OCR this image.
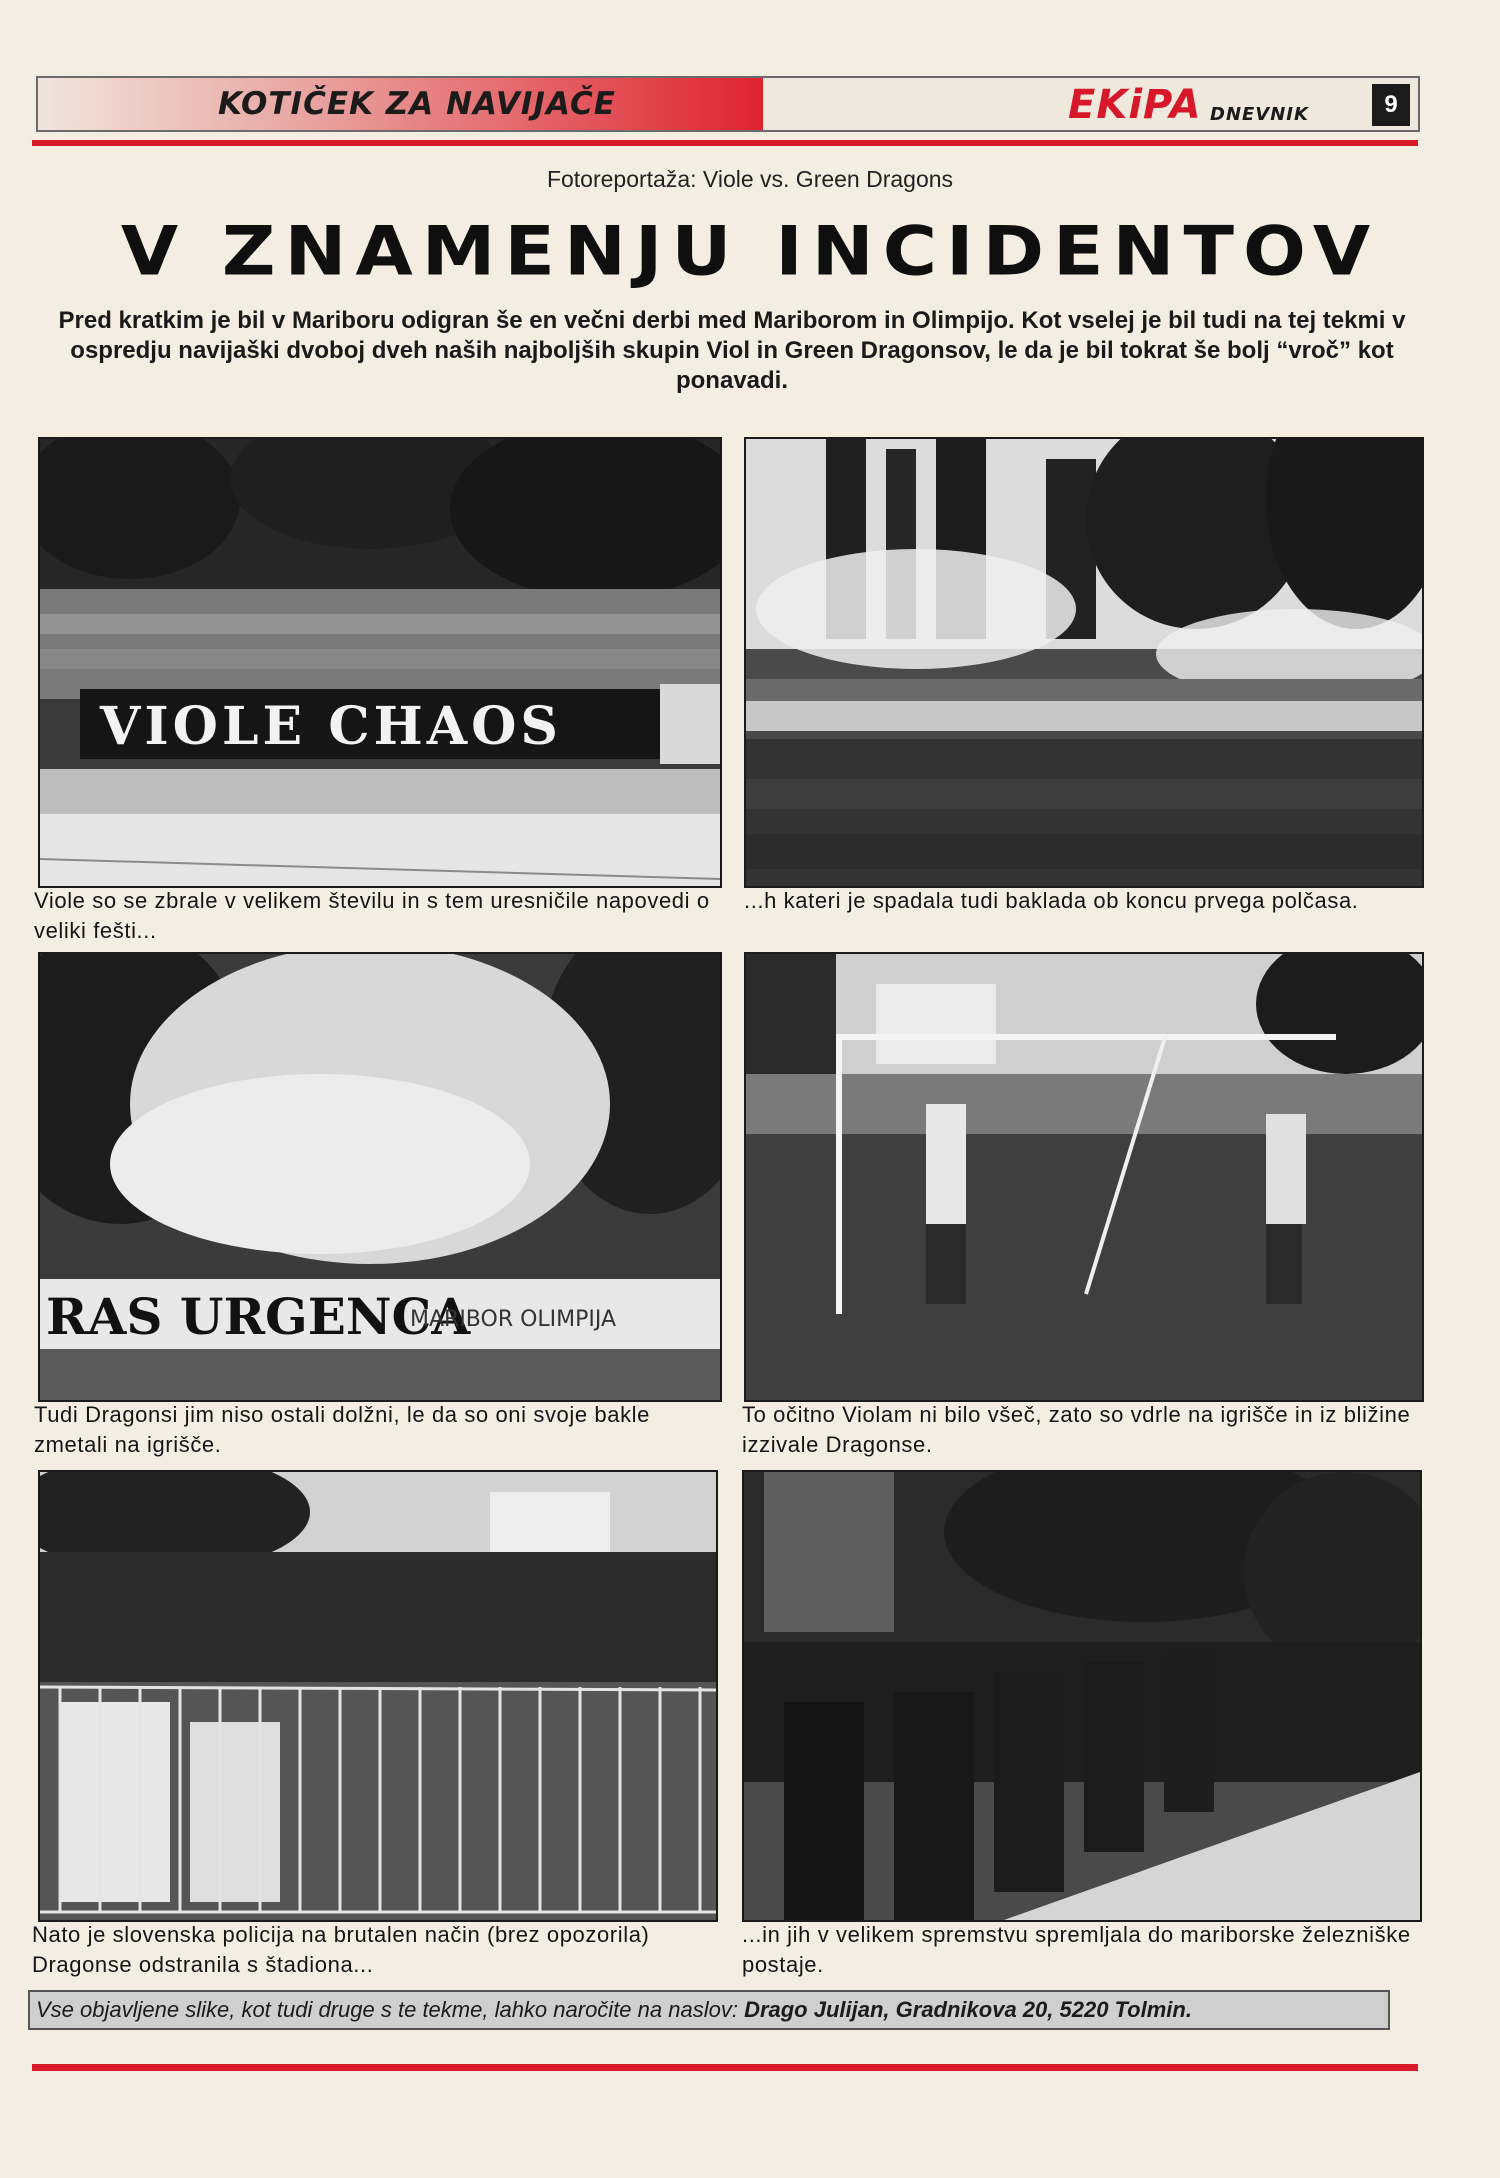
KOTIČEK ZA NAVIJAČE	EKiPA DNEVNIK	9
Fotoreportaža: Viole vs. Green Dragons
V ZNAMENJU INCIDENTOV
Pred kratkim je bil v Mariboru odigran še en večni derbi med Mariborom in Olimpijo. Kot vselej je bil tudi na tej tekmi v ospredju navijaški dvoboj dveh naših najboljših skupin Viol in Green Dragonsov, le da je bil tokrat še bolj “vroč” kot ponavadi.
VIOLE CHAOS
Viole so se zbrale v velikem številu in s tem uresničile napovedi o veliki fešti...
...h kateri je spadala tudi baklada ob koncu prvega polčasa.
RAS URGENCA
MARIBOR OLIMPIJA
Tudi Dragonsi jim niso ostali dolžni, le da so oni svoje bakle zmetali na igrišče.
To očitno Violam ni bilo všeč, zato so vdrle na igrišče in iz bližine izzivale Dragonse.
Nato je slovenska policija na brutalen način (brez opozorila) Dragonse odstranila s štadiona...
...in jih v velikem spremstvu spremljala do mariborske železniške postaje.
Vse objavljene slike, kot tudi druge s te tekme, lahko naročite na naslov: Drago Julijan, Gradnikova 20, 5220 Tolmin.
